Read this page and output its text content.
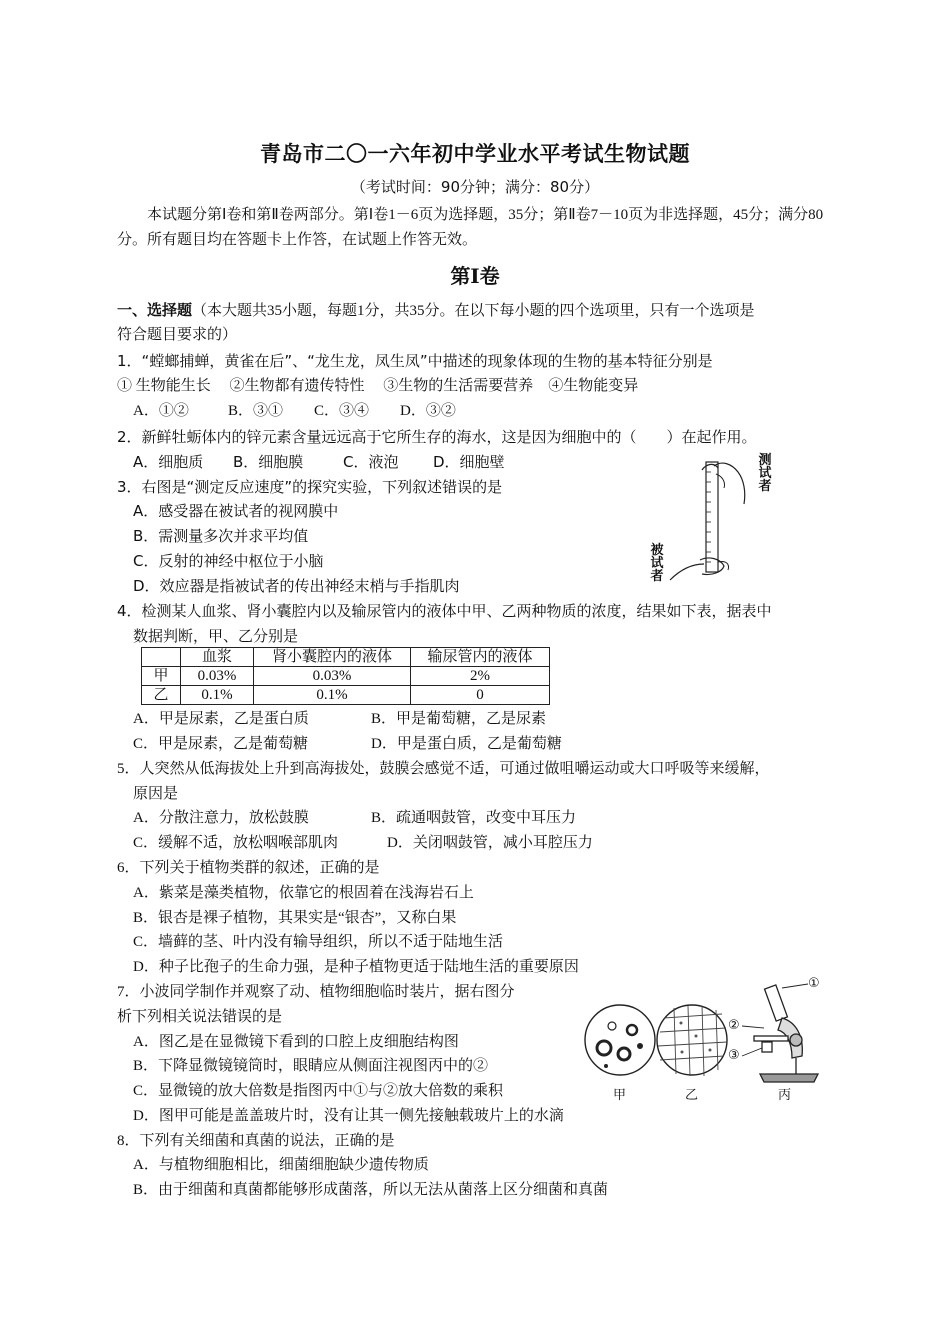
青岛市二〇一六年初中学业水平考试生物试题
（考试时间：90分钟；满分：80分）
本试题分第Ⅰ卷和第Ⅱ卷两部分。第Ⅰ卷1－6页为选择题，35分；第Ⅱ卷7－10页为非选择题，45分；满分80分。所有题目均在答题卡上作答，在试题上作答无效。
第Ⅰ卷
一、选择题（本大题共35小题，每题1分，共35分。在以下每小题的四个选项里，只有一个选项是
符合题目要求的）
1．“螳螂捕蝉，黄雀在后”、“龙生龙，凤生凤”中描述的现象体现的生物的基本特征分别是
① 生物能生长　 ②生物都有遗传特性　 ③生物的生活需要营养　④生物能变异
A．①②	B．③① C．③④ D．③②
2．新鲜牡蛎体内的锌元素含量远远高于它所生存的海水，这是因为细胞中的（　　）在起作用。
A．细胞质 B．细胞膜	C．液泡 D．细胞壁
3．右图是“测定反应速度”的探究实验，下列叙述错误的是
A．感受器在被试者的视网膜中
B．需测量多次并求平均值
C．反射的神经中枢位于小脑
D．效应器是指被试者的传出神经末梢与手指肌肉
测试者
被试者
4．检测某人血浆、肾小囊腔内以及输尿管内的液体中甲、乙两种物质的浓度，结果如下表，据表中
数据判断，甲、乙分别是
	血浆	肾小囊腔内的液体	输尿管内的液体
甲	0.03%	0.03%	2%
乙	0.1%	0.1%	0
A．甲是尿素，乙是蛋白质	B．甲是葡萄糖，乙是尿素
C．甲是尿素，乙是葡萄糖	D．甲是蛋白质，乙是葡萄糖
5．人突然从低海拔处上升到高海拔处，鼓膜会感觉不适，可通过做咀嚼运动或大口呼吸等来缓解，
原因是
A．分散注意力，放松鼓膜	B．疏通咽鼓管，改变中耳压力
C．缓解不适，放松咽喉部肌肉	D．关闭咽鼓管，减小耳腔压力
6．下列关于植物类群的叙述，正确的是
A．紫菜是藻类植物，依靠它的根固着在浅海岩石上
B．银杏是裸子植物，其果实是“银杏”，又称白果
C．墙藓的茎、叶内没有输导组织，所以不适于陆地生活
D．种子比孢子的生命力强，是种子植物更适于陆地生活的重要原因
7．小波同学制作并观察了动、植物细胞临时装片，据右图分
析下列相关说法错误的是
A．图乙是在显微镜下看到的口腔上皮细胞结构图
B．下降显微镜镜筒时，眼睛应从侧面注视图丙中的②
C．显微镜的放大倍数是指图丙中①与②放大倍数的乘积
D．图甲可能是盖盖玻片时，没有让其一侧先接触载玻片上的水滴
①
②
③
甲	乙	丙
8．下列有关细菌和真菌的说法，正确的是
A．与植物细胞相比，细菌细胞缺少遗传物质
B．由于细菌和真菌都能够形成菌落，所以无法从菌落上区分细菌和真菌
